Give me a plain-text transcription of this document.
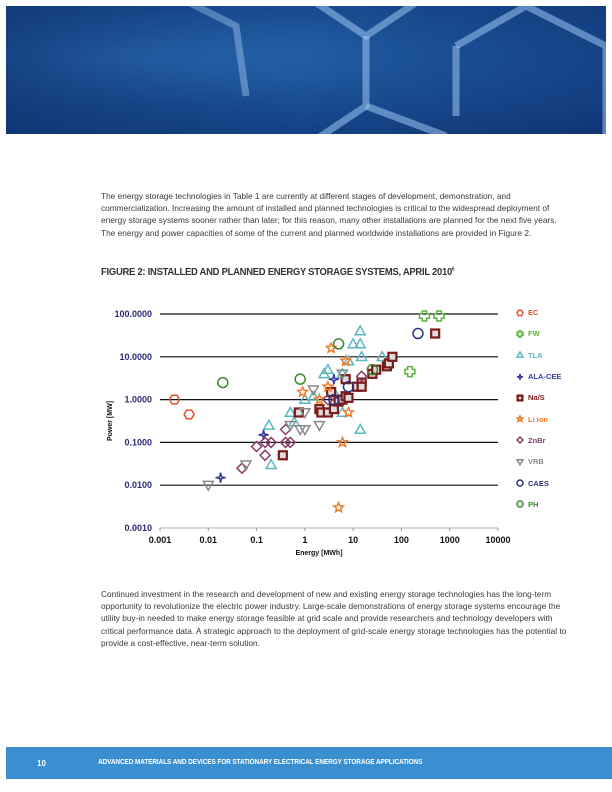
The energy storage technologies in Table 1 are currently at different stages of development, demonstration, and commercialization. Increasing the amount of installed and planned technologies is critical to the widespread deployment of energy storage systems sooner rather than later; for this reason, many other installations are planned for the next five years. The energy and power capacities of some of the current and planned worldwide installations are provided in Figure 2.

FIGURE 2: INSTALLED AND PLANNED ENERGY STORAGE SYSTEMS, APRIL 2010$^6$
100.0000
10.0000
1.0000
0.1000
0.0100
0.0010
0.001	0.01	0.1	1	10	100	1000	10000
Energy [MWh]
Power [MW]
EC
FW
TLA
ALA-CEE
Na/S
Li Ion
ZnBr
VRB
CAES
PH

Continued investment in the research and development of new and existing energy storage technologies has the long-term opportunity to revolutionize the electric power industry. Large-scale demonstrations of energy storage systems encourage the utility buy-in needed to make energy storage feasible at grid scale and provide researchers and technology developers with critical performance data. A strategic approach to the deployment of grid-scale energy storage technologies has the potential to provide a cost-effective, near-term solution.

10	ADVANCED MATERIALS AND DEVICES FOR STATIONARY ELECTRICAL ENERGY STORAGE APPLICATIONS
